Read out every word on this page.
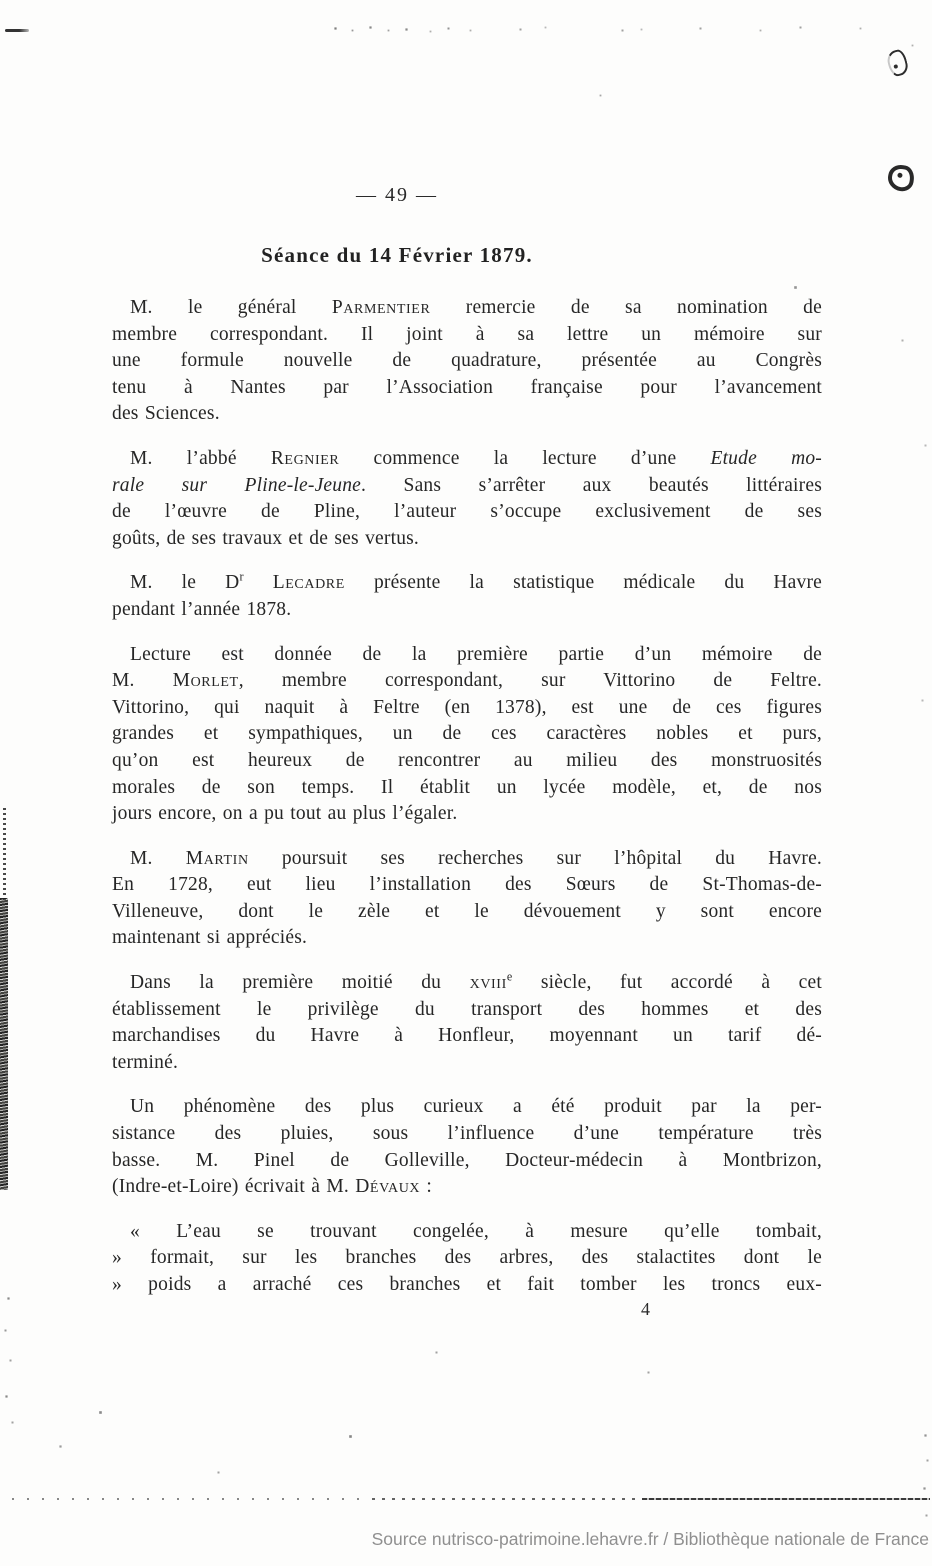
— 49 —
Séance du 14 Février 1879.
M. le général Parmentier remercie de sa nomination de
membre correspondant. Il joint à sa lettre un mémoire sur
une formule nouvelle de quadrature, présentée au Congrès
tenu à Nantes par l’Association française pour l’avancement
des Sciences.
M. l’abbé Regnier commence la lecture d’une Etude mo-
rale sur Pline-le-Jeune. Sans s’arrêter aux beautés littéraires
de l’œuvre de Pline, l’auteur s’occupe exclusivement de ses
goûts, de ses travaux et de ses vertus.
M. le $D^r$ Lecadre présente la statistique médicale du Havre
pendant l’année 1878.
Lecture est donnée de la première partie d’un mémoire de
M. Morlet, membre correspondant, sur Vittorino de Feltre.
Vittorino, qui naquit à Feltre (en 1378), est une de ces figures
grandes et sympathiques, un de ces caractères nobles et purs,
qu’on est heureux de rencontrer au milieu des monstruosités
morales de son temps. Il établit un lycée modèle, et, de nos
jours encore, on a pu tout au plus l’égaler.
M. Martin poursuit ses recherches sur l’hôpital du Havre.
En 1728, eut lieu l’installation des Sœurs de St-Thomas-de-
Villeneuve, dont le zèle et le dévouement y sont encore
maintenant si appréciés.
Dans la première moitié du xviii$^e$ siècle, fut accordé à cet
établissement le privilège du transport des hommes et des
marchandises du Havre à Honfleur, moyennant un tarif dé-
terminé.
Un phénomène des plus curieux a été produit par la per-
sistance des pluies, sous l’influence d’une température très
basse. M. Pinel de Golleville, Docteur-médecin à Montbrizon,
(Indre-et-Loire) écrivait à M. Dévaux :
« L’eau se trouvant congelée, à mesure qu’elle tombait,
» formait, sur les branches des arbres, des stalactites dont le
» poids a arraché ces branches et fait tomber les troncs eux-
4
Source nutrisco-patrimoine.lehavre.fr / Bibliothèque nationale de France
